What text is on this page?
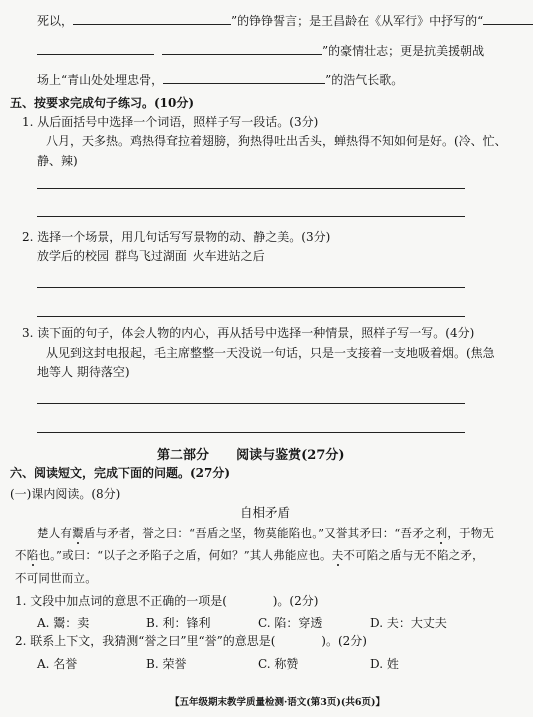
死以，	”的铮铮誓言；是王昌龄在《从军行》中抒写的“
”的豪情壮志；更是抗美援朝战
场上“青山处处埋忠骨，	”的浩气长歌。
五、按要求完成句子练习。(10分)
1. 从后面括号中选择一个词语，照样子写一段话。(3分)
八月，天多热。鸡热得耷拉着翅膀，狗热得吐出舌头，蝉热得不知如何是好。(冷、忙、
静、辣)
2. 选择一个场景，用几句话写写景物的动、静之美。(3分)
放学后的校园 群鸟飞过湖面 火车进站之后
3. 读下面的句子，体会人物的内心，再从括号中选择一种情景，照样子写一写。(4分)
从见到这封电报起，毛主席整整一天没说一句话，只是一支接着一支地吸着烟。(焦急
地等人 期待落空)
第二部分      阅读与鉴赏(27分)
六、阅读短文，完成下面的问题。(27分)
(一)课内阅读。(8分)
自相矛盾
楚人有鬻盾与矛者，誉之曰：“吾盾之坚，物莫能陷也。”又誉其矛曰：“吾矛之利，于物无
不陷也。”或曰：“以子之矛陷子之盾，何如？”其人弗能应也。夫不可陷之盾与无不陷之矛，
不可同世而立。
1. 文段中加点词的意思不正确的一项是(            )。(2分)
A. 鬻：卖	B. 利：锋利	C. 陷：穿透	D. 夫：大丈夫
2. 联系上下文，我猜测“誉之曰”里“誉”的意思是(            )。(2分)
A. 名誉	B. 荣誉	C. 称赞	D. 姓
【五年级期末教学质量检测·语文(第3页)(共6页)】
